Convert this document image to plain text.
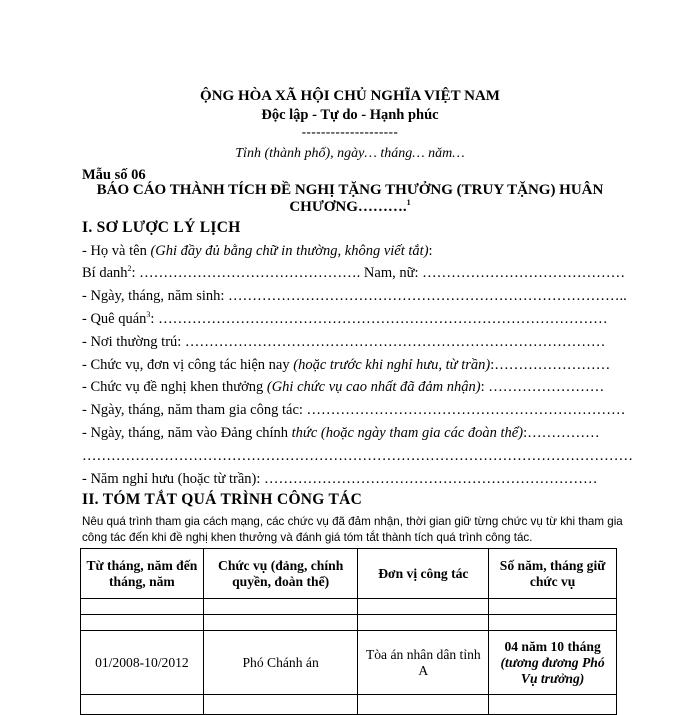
ỘNG HÒA XÃ HỘI CHỦ NGHĨA VIỆT NAM
Độc lập - Tự do - Hạnh phúc
--------------------
Tỉnh (thành phố), ngày… tháng… năm…
Mẫu số 06
BÁO CÁO THÀNH TÍCH ĐỀ NGHỊ TẶNG THƯỞNG (TRUY TẶNG) HUÂN
CHƯƠNG……….$^1$
I. SƠ LƯỢC LÝ LỊCH
- Họ và tên (Ghi đầy đủ bằng chữ in thường, không viết tắt):
Bí danh$^2$: ………………………………………. Nam, nữ: ……………………………………
- Ngày, tháng, năm sinh: ………………………………………………………………………..
- Quê quán$^3$: …………………………………………………………………………………
- Nơi thường trú: ……………………………………………………………………………
- Chức vụ, đơn vị công tác hiện nay (hoặc trước khi nghỉ hưu, từ trần):……………………
- Chức vụ đề nghị khen thưởng (Ghi chức vụ cao nhất đã đảm nhận): ……………………
- Ngày, tháng, năm tham gia công tác: …………………………………………………………
- Ngày, tháng, năm vào Đảng chính thức (hoặc ngày tham gia các đoàn thể):……………
……………………………………………………………………………………………………
- Năm nghỉ hưu (hoặc từ trần): ……………………………………………………………
II. TÓM TẮT QUÁ TRÌNH CÔNG TÁC
Nêu quá trình tham gia cách mạng, các chức vụ đã đảm nhận, thời gian giữ từng chức vụ từ khi tham gia
công tác đến khi đề nghị khen thưởng và đánh giá tóm tắt thành tích quá trình công tác.
Từ tháng, năm đến tháng, năm	Chức vụ (đảng, chính quyền, đoàn thể)	Đơn vị công tác	Số năm, tháng giữ chức vụ

01/2008-10/2012	Phó Chánh án	Tòa án nhân dân tỉnh A	04 năm 10 tháng (tương đương Phó Vụ trưởng)
